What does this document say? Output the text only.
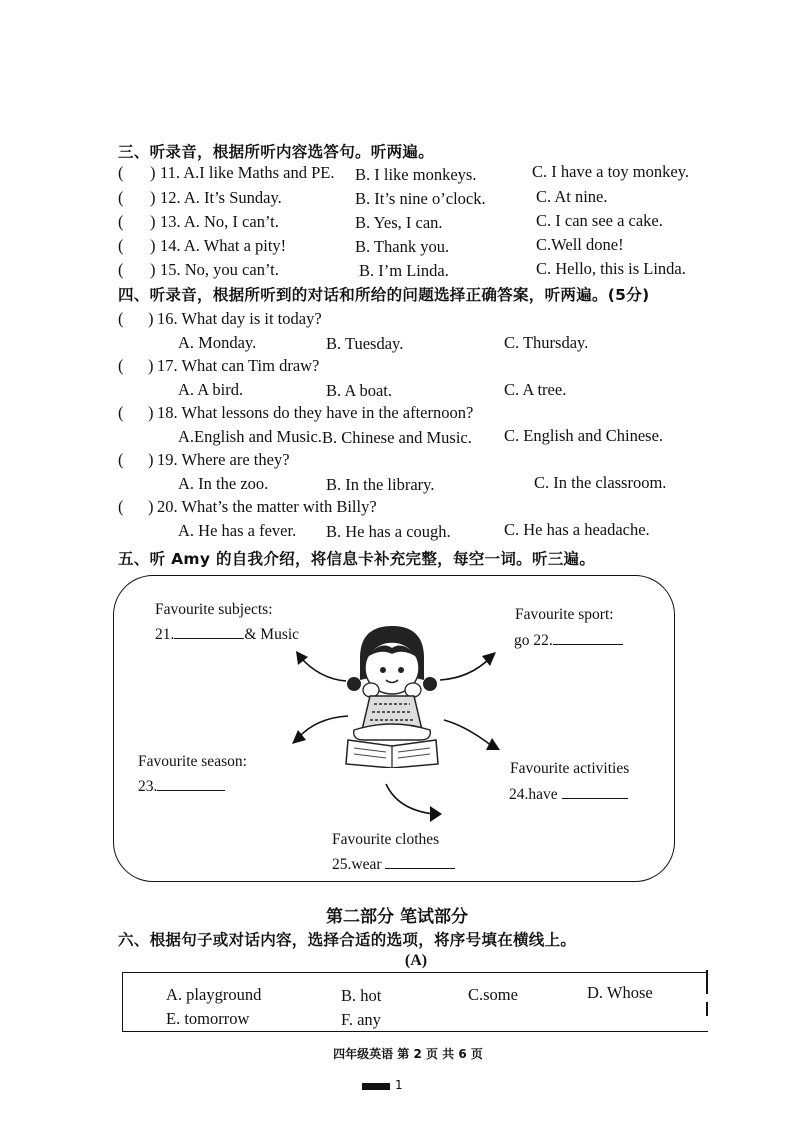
三、听录音，根据所听内容选答句。听两遍。
( ) 11. A.I like Maths and PE. B. I like monkeys.	C. I have a toy monkey.
( ) 12. A. It’s Sunday.	B. It’s nine o’clock.	C. At nine.
( ) 13. A. No, I can’t.	B. Yes, I can.	C. I can see a cake.
( ) 14. A. What a pity!	B. Thank you.	C.Well done!
( ) 15. No, you can’t.	B. I’m Linda.	C. Hello, this is Linda.
四、听录音，根据所听到的对话和所给的问题选择正确答案，听两遍。(5分)
( ) 16. What day is it today?
A. Monday.	B. Tuesday.	C. Thursday.
( ) 17. What can Tim draw?
A. A bird.	B. A boat.	C. A tree.
( ) 18. What lessons do they have in the afternoon?
A.English and Music. B. Chinese and Music. C. English and Chinese.
( ) 19. Where are they?
A. In the zoo.	B. In the library.	C. In the classroom.
( ) 20. What’s the matter with Billy?
A. He has a fever. B. He has a cough.	C. He has a headache.
五、听 Amy 的自我介绍，将信息卡补充完整，每空一词。听三遍。
Favourite subjects:
21.	& Music
Favourite sport:
go 22.
Favourite season:
23.
Favourite activities
24.have
Favourite clothes
25.wear
第二部分 笔试部分
六、根据句子或对话内容，选择合适的选项，将序号填在横线上。
(A)
A. playground	B. hot	C.some	D. Whose
E. tomorrow	F. any
四年级英语 第 2 页 共 6 页
1
